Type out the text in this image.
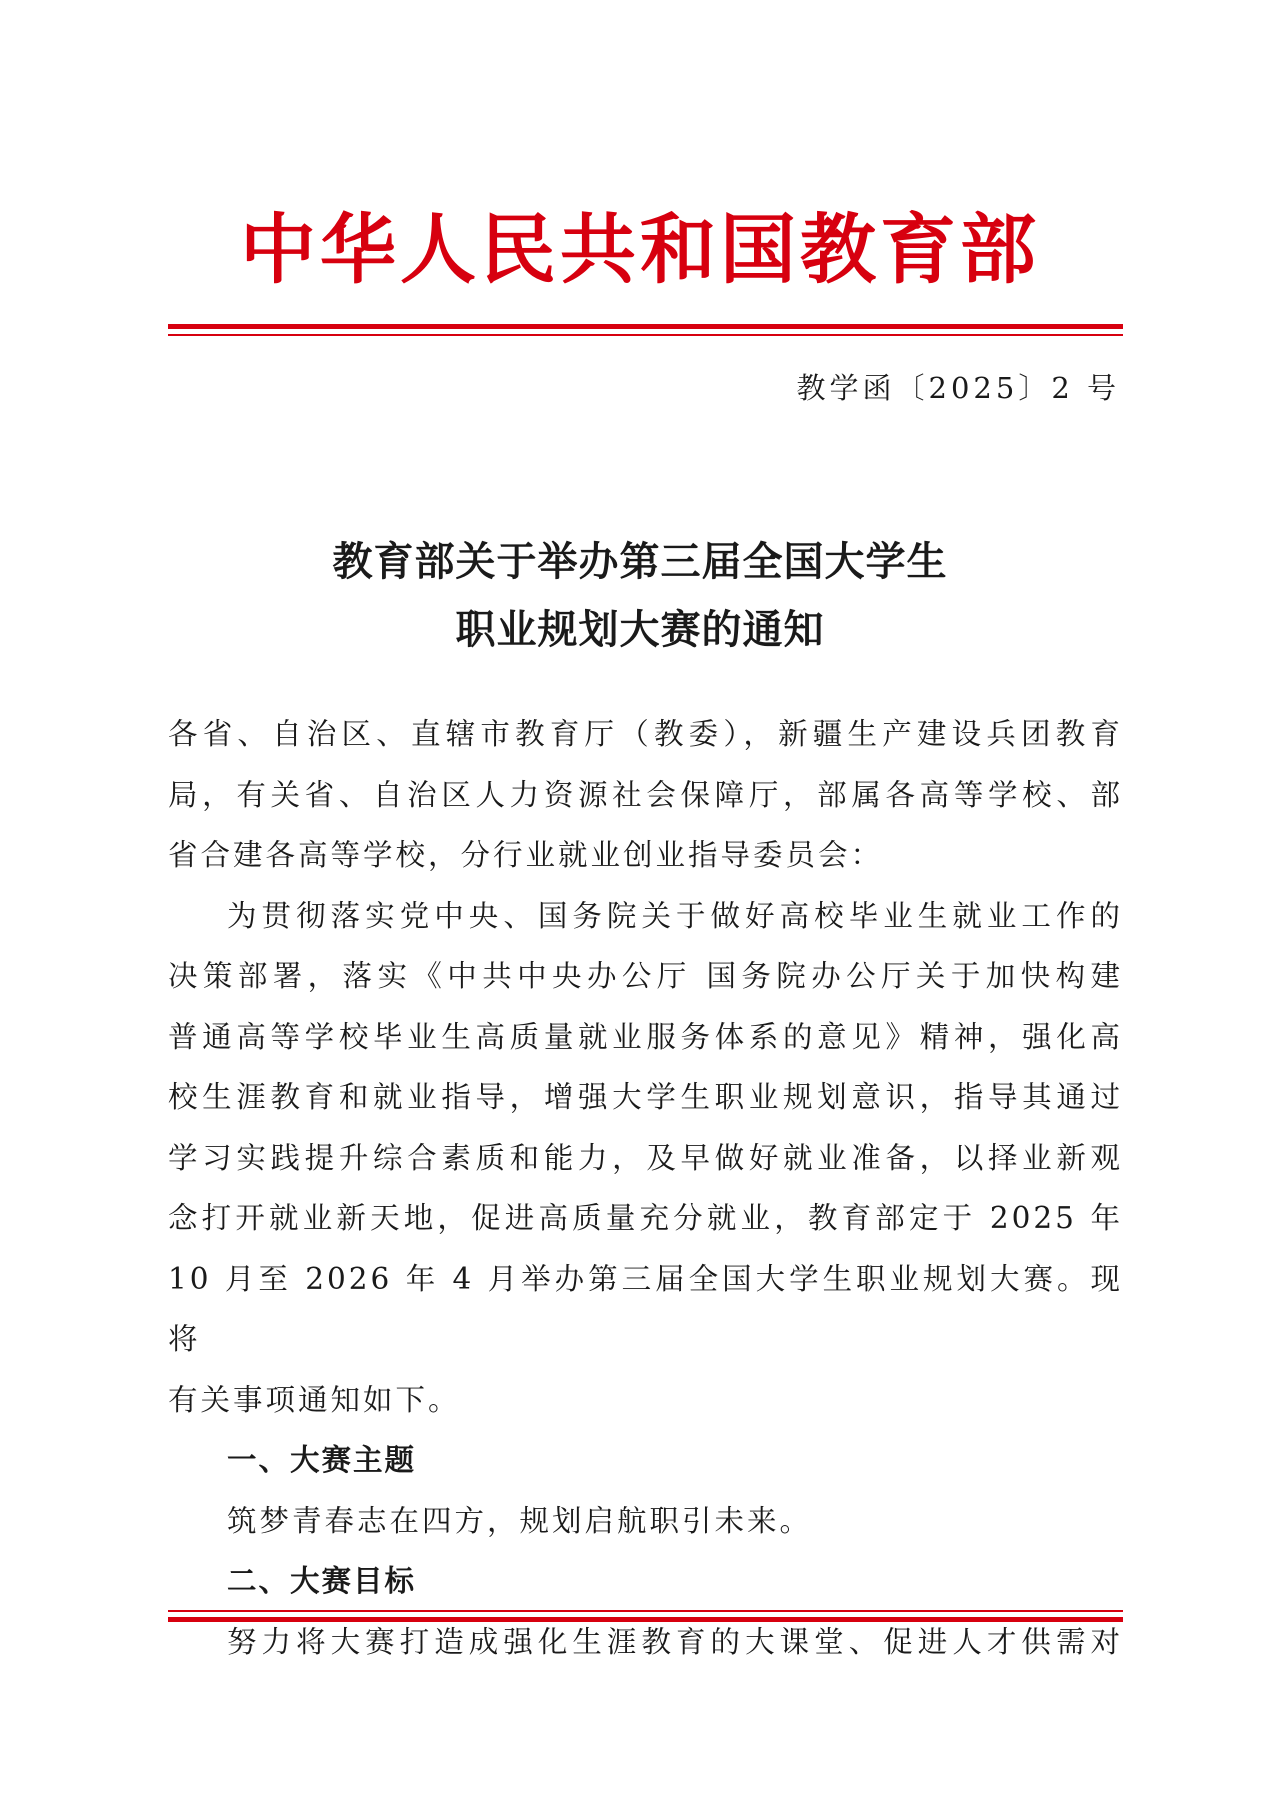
中华人民共和国教育部
教学函〔2025〕2 号
教育部关于举办第三届全国大学生
职业规划大赛的通知

各省、自治区、直辖市教育厅（教委），新疆生产建设兵团教育

局，有关省、自治区人力资源社会保障厅，部属各高等学校、部

省合建各高等学校，分行业就业创业指导委员会：

为贯彻落实党中央、国务院关于做好高校毕业生就业工作的

决策部署，落实《中共中央办公厅 国务院办公厅关于加快构建

普通高等学校毕业生高质量就业服务体系的意见》精神，强化高

校生涯教育和就业指导，增强大学生职业规划意识，指导其通过

学习实践提升综合素质和能力，及早做好就业准备，以择业新观

念打开就业新天地，促进高质量充分就业，教育部定于 2025 年

10 月至 2026 年 4 月举办第三届全国大学生职业规划大赛。现将

有关事项通知如下。

一、大赛主题

筑梦青春志在四方，规划启航职引未来。

二、大赛目标

努力将大赛打造成强化生涯教育的大课堂、促进人才供需对
